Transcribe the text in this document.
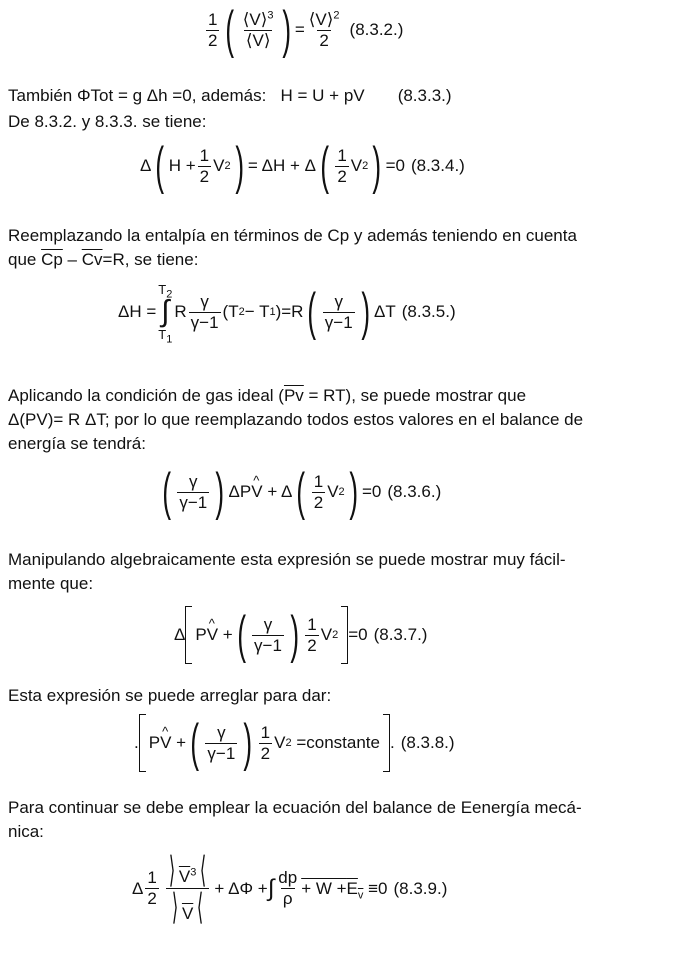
$\frac{1}{2}$ ( $\frac{⟨V⟩^3}{⟨V⟩}$ ) = $\frac{⟨V⟩^2}{2} (8.3.2.)$
También ΦTot = g Δh =0, además: H = U + pV (8.3.3.)
De 8.3.2. y 8.3.3. se tiene:
Δ ( H
+ $\frac{1}{2}$ V 2 ) = ΔH + Δ ( $\frac{1}{2}$ V 2 ) =0 (8.3.4.)
Reemplazando la entalpía en términos de Cp y además teniendo en cuenta
que $\overline{Cp} - \overline{Cv}=R$, se tiene:
ΔH =
$T_2$
∫
$T_1$
R $\frac{\gamma}{\gamma-1} (T$ 2 − T 1 ) =R ( $\frac{\gamma}{\gamma-1}$ ) ΔT (8.3.5.)
Aplicando la condición de gas ideal $(\overline{Pv} = RT)$, se puede mostrar que
Δ(PV)= R ΔT; por lo que reemplazando todos estos valores en el balance de
energía se tendrá:
( $\frac{\gamma}{\gamma-1}$ ) ΔP ^ V
+ Δ ( $\frac{1}{2}$ V 2 ) =0 (8.3.6.)
Manipulando algebraicamente esta expresión se puede mostrar muy fácil-
mente que:
Δ P ^ V
+ ( $\frac{\gamma}{\gamma-1}$ ) $\frac{1}{2}$ V 2 =0 (8.3.7.)
Esta expresión se puede arreglar para dar:
. P ^ V
+ ( $\frac{\gamma}{\gamma-1}$ ) $\frac{1}{2}$ V 2
=constante . (8.3.8.)
Para continuar se debe emplear la ecuación del balance de Eenergía mecá-
nica:
Δ $\frac{1}{2} \frac{⟩ \overline{V}^3 ⟨}{⟩ \overline{V} ⟨} + \Delta\Phi$ + ∫ $\frac{dp}{\rho} + W + E_v$
≡0 (8.3.9.)
